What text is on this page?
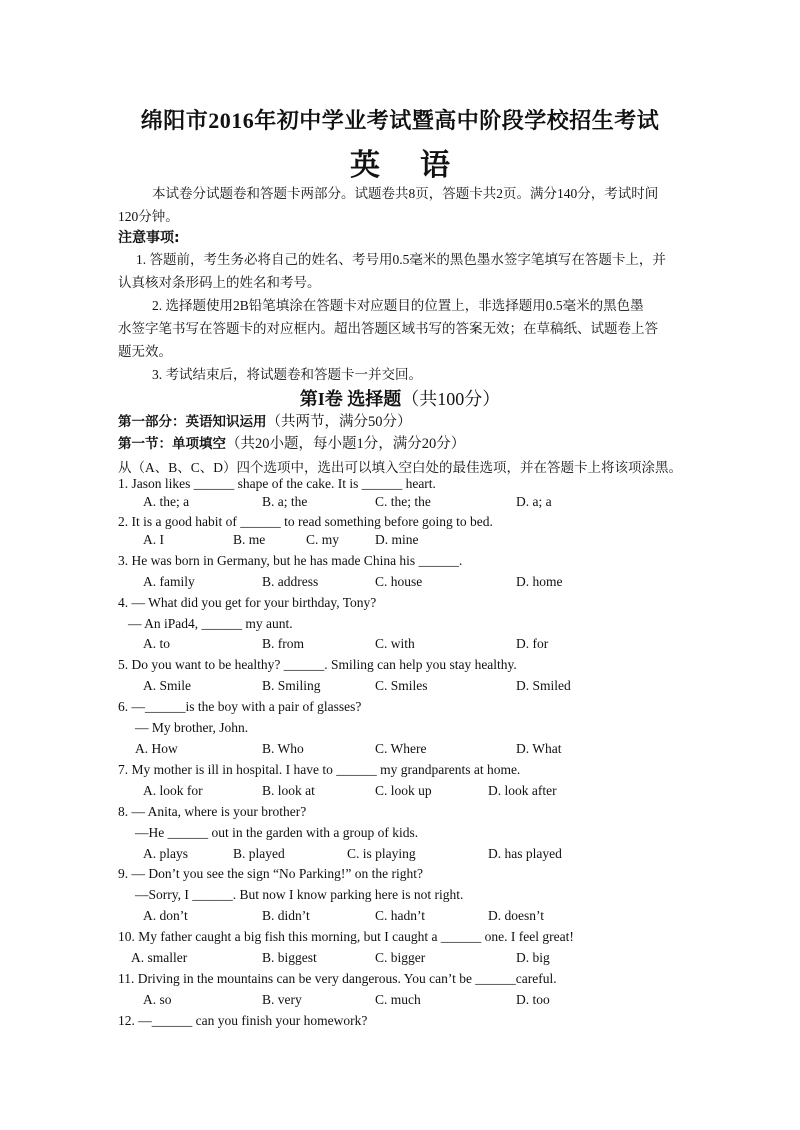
绵阳市2016年初中学业考试暨高中阶段学校招生考试
英语
本试卷分试题卷和答题卡两部分。试题卷共8页，答题卡共2页。满分140分，考试时间
120分钟。
注意事项:
1. 答题前，考生务必将自己的姓名、考号用0.5毫米的黑色墨水签字笔填写在答题卡上，并
认真核对条形码上的姓名和考号。
2. 选择题使用2B铅笔填涂在答题卡对应题目的位置上，非选择题用0.5毫米的黑色墨
水签字笔书写在答题卡的对应框内。超出答题区域书写的答案无效；在草稿纸、试题卷上答
题无效。
3. 考试结束后，将试题卷和答题卡一并交回。
第I卷 选择题（共100分）
第一部分：英语知识运用（共两节，满分50分）
第一节：单项填空（共20小题，每小题1分，满分20分）
从（A、B、C、D）四个选项中，选出可以填入空白处的最佳选项，并在答题卡上将该项涂黑。
1. Jason likes ______ shape of the cake. It is ______ heart.
A. the; a	B. a; the	C. the; the	D. a; a
2. It is a good habit of ______ to read something before going to bed.
A. I	B. me	C. my	D. mine
3. He was born in Germany, but he has made China his ______.
A. family	B. address	C. house	D. home
4. — What did you get for your birthday, Tony?
— An iPad4, ______ my aunt.
A. to	B. from	C. with	D. for
5. Do you want to be healthy? ______. Smiling can help you stay healthy.
A. Smile	B. Smiling	C. Smiles	D. Smiled
6. —______is the boy with a pair of glasses?
— My brother, John.
A. How	B. Who	C. Where	D. What
7. My mother is ill in hospital. I have to ______ my grandparents at home.
A. look for	B. look at	C. look up	D. look after
8. — Anita, where is your brother?
—He ______ out in the garden with a group of kids.
A. plays	B. played	C. is playing	D. has played
9. — Don’t you see the sign “No Parking!” on the right?
—Sorry, I ______. But now I know parking here is not right.
A. don’t	B. didn’t	C. hadn’t	D. doesn’t
10. My father caught a big fish this morning, but I caught a ______ one. I feel great!
A. smaller	B. biggest	C. bigger	D. big
11. Driving in the mountains can be very dangerous. You can’t be ______careful.
A. so	B. very	C. much	D. too
12. —______ can you finish your homework?
